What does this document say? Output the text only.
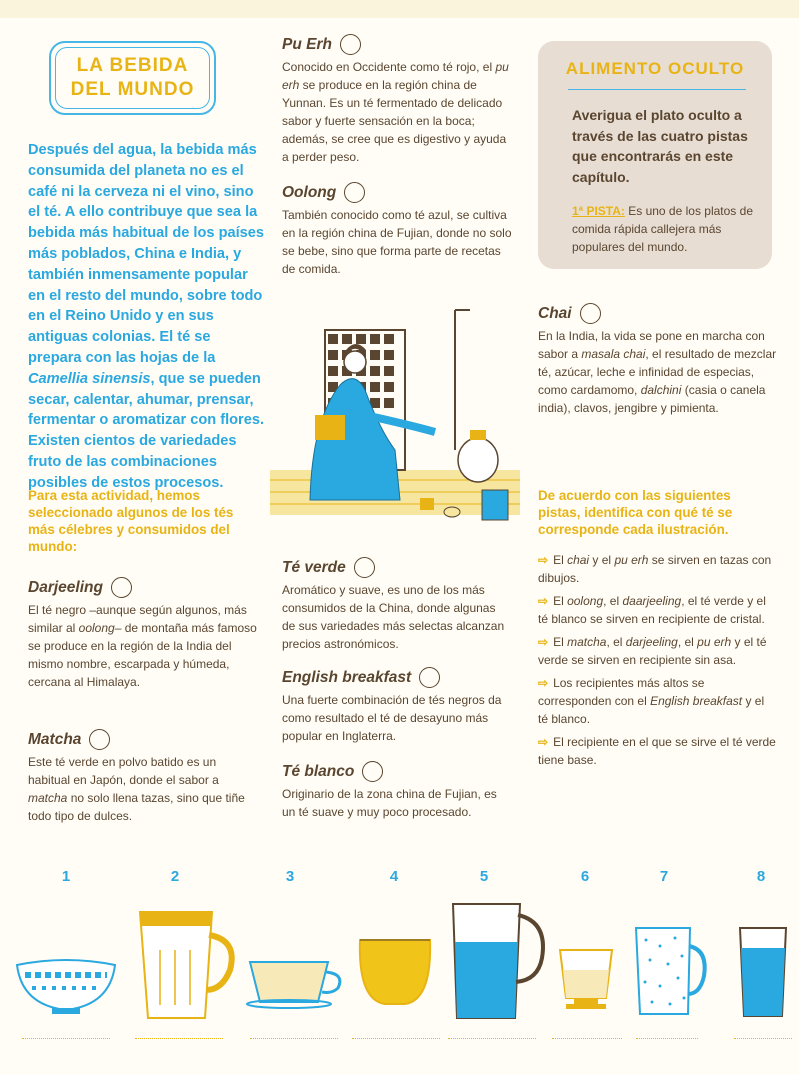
LA BEBIDA
DEL MUNDO
Después del agua, la bebida más consumida del planeta no es el café ni la cerveza ni el vino, sino el té. A ello contribuye que sea la bebida más habitual de los países más poblados, China e India, y también inmensamente popular en el resto del mundo, sobre todo en el Reino Unido y en sus antiguas colonias. El té se prepara con las hojas de la Camellia sinensis, que se pueden secar, calentar, ahumar, prensar, fermentar o aromatizar con flores. Existen cientos de variedades fruto de las combinaciones posibles de estos procesos.
Para esta actividad, hemos seleccionado algunos de los tés más célebres y consumidos del mundo:
Darjeeling
El té negro –aunque según algunos, más similar al oolong– de montaña más famoso se produce en la región de la India del mismo nombre, escarpada y húmeda, cercana al Himalaya.
Matcha
Este té verde en polvo batido es un habitual en Japón, donde el sabor a matcha no solo llena tazas, sino que tiñe todo tipo de dulces.
Pu Erh
Conocido en Occidente como té rojo, el pu erh se produce en la región china de Yunnan. Es un té fermentado de delicado sabor y fuerte sensación en la boca; además, se cree que es digestivo y ayuda a perder peso.
Oolong
También conocido como té azul, se cultiva en la región china de Fujian, donde no solo se bebe, sino que forma parte de recetas de comida.
Té verde
Aromático y suave, es uno de los más consumidos de la China, donde algunas de sus variedades más selectas alcanzan precios astronómicos.
English breakfast
Una fuerte combinación de tés negros da como resultado el té de desayuno más popular en Inglaterra.
Té blanco
Originario de la zona china de Fujian, es un té suave y muy poco procesado.
ALIMENTO OCULTO
Averigua el plato oculto a través de las cuatro pistas que encontrarás en este capítulo.
1ª PISTA: Es uno de los platos de comida rápida callejera más populares del mundo.
Chai
En la India, la vida se pone en marcha con sabor a masala chai, el resultado de mezclar té, azúcar, leche e infinidad de especias, como cardamomo, dalchini (casia o canela india), clavos, jengibre y pimienta.
De acuerdo con las siguientes pistas, identifica con qué té se corresponde cada ilustración.
⇨ El chai y el pu erh se sirven en tazas con dibujos.
⇨ El oolong, el daarjeeling, el té verde y el té blanco se sirven en recipiente de cristal.
⇨ El matcha, el darjeeling, el pu erh y el té verde se sirven en recipiente sin asa.
⇨ Los recipientes más altos se corresponden con el English breakfast y el té blanco.
⇨ El recipiente en el que se sirve el té verde tiene base.
1	2	3	4	5	6	7	8
